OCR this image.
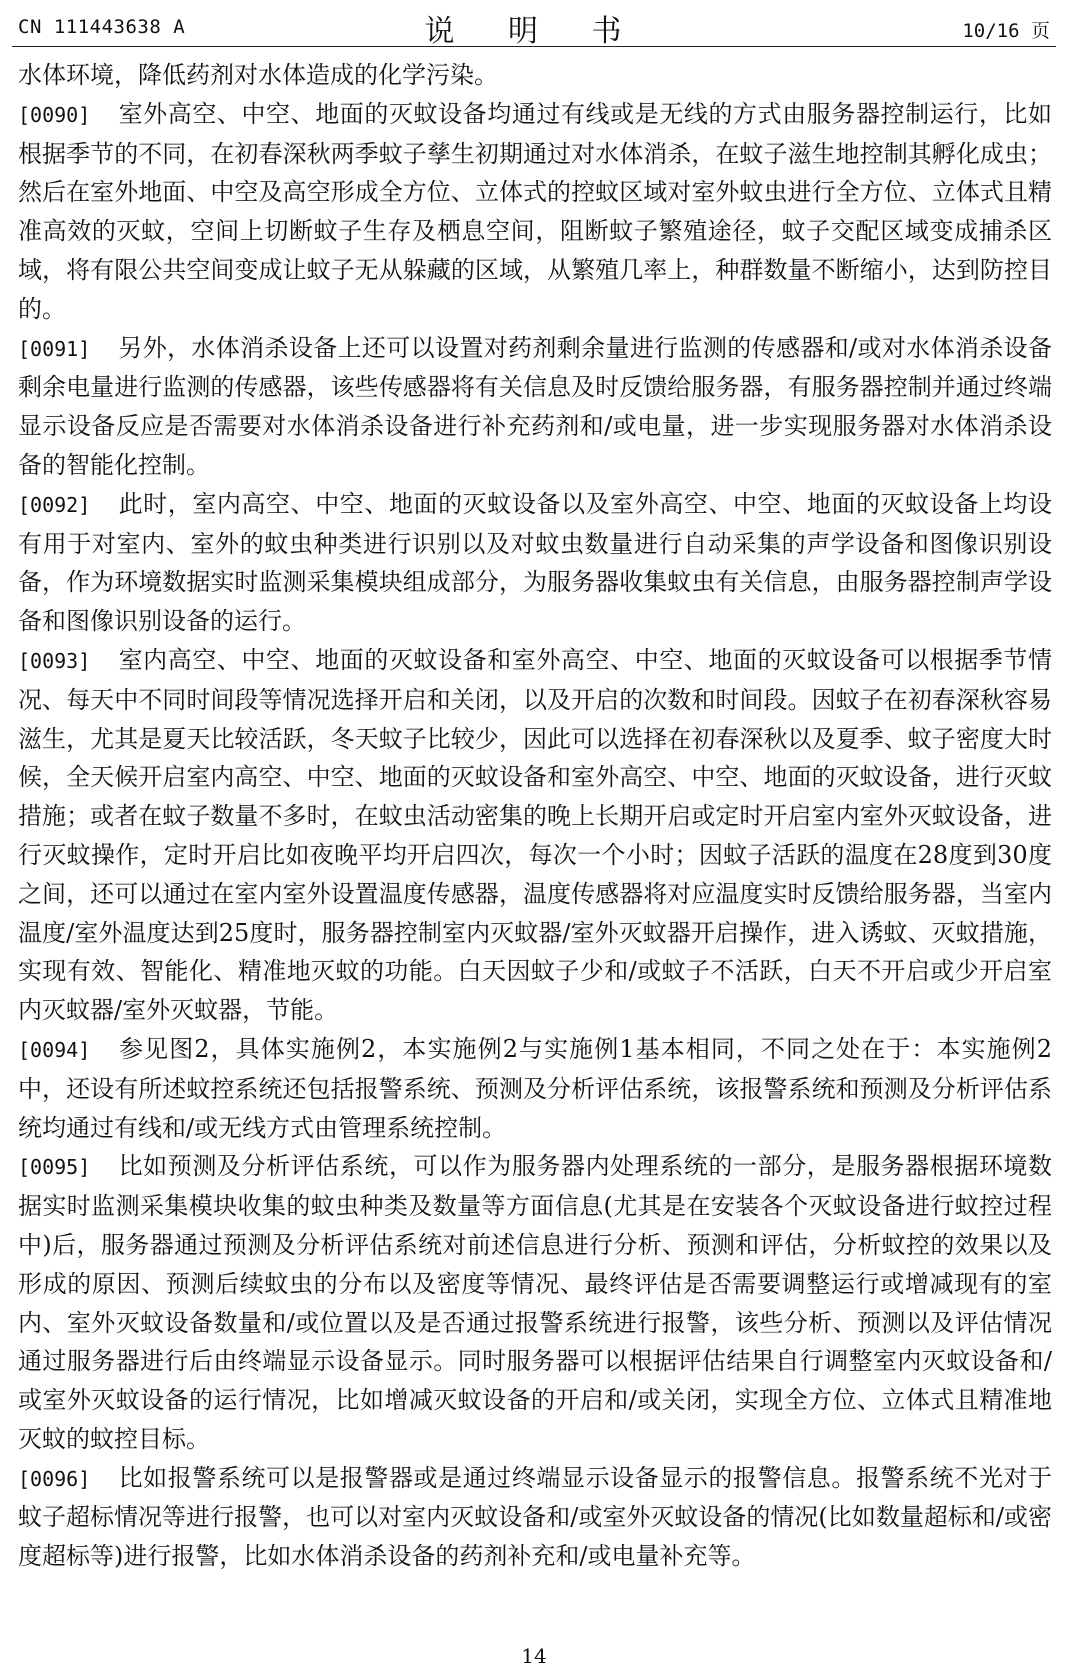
CN 111443638 A	说 明 书	10/16 页

水体环境，降低药剂对水体造成的化学污染。

[0090] 室外高空、中空、地面的灭蚊设备均通过有线或是无线的方式由服务器控制运行，比如根据季节的不同，在初春深秋两季蚊子孳生初期通过对水体消杀，在蚊子滋生地控制其孵化成虫；然后在室外地面、中空及高空形成全方位、立体式的控蚊区域对室外蚊虫进行全方位、立体式且精准高效的灭蚊，空间上切断蚊子生存及栖息空间，阻断蚊子繁殖途径，蚊子交配区域变成捕杀区域，将有限公共空间变成让蚊子无从躲藏的区域，从繁殖几率上，种群数量不断缩小，达到防控目的。

[0091] 另外，水体消杀设备上还可以设置对药剂剩余量进行监测的传感器和/或对水体消杀设备剩余电量进行监测的传感器，该些传感器将有关信息及时反馈给服务器，有服务器控制并通过终端显示设备反应是否需要对水体消杀设备进行补充药剂和/或电量，进一步实现服务器对水体消杀设备的智能化控制。

[0092] 此时，室内高空、中空、地面的灭蚊设备以及室外高空、中空、地面的灭蚊设备上均设有用于对室内、室外的蚊虫种类进行识别以及对蚊虫数量进行自动采集的声学设备和图像识别设备，作为环境数据实时监测采集模块组成部分，为服务器收集蚊虫有关信息，由服务器控制声学设备和图像识别设备的运行。

[0093] 室内高空、中空、地面的灭蚊设备和室外高空、中空、地面的灭蚊设备可以根据季节情况、每天中不同时间段等情况选择开启和关闭，以及开启的次数和时间段。因蚊子在初春深秋容易滋生，尤其是夏天比较活跃，冬天蚊子比较少，因此可以选择在初春深秋以及夏季、蚊子密度大时候，全天候开启室内高空、中空、地面的灭蚊设备和室外高空、中空、地面的灭蚊设备，进行灭蚊措施；或者在蚊子数量不多时，在蚊虫活动密集的晚上长期开启或定时开启室内室外灭蚊设备，进行灭蚊操作，定时开启比如夜晚平均开启四次，每次一个小时；因蚊子活跃的温度在28度到30度之间，还可以通过在室内室外设置温度传感器，温度传感器将对应温度实时反馈给服务器，当室内温度/室外温度达到25度时，服务器控制室内灭蚊器/室外灭蚊器开启操作，进入诱蚊、灭蚊措施，实现有效、智能化、精准地灭蚊的功能。白天因蚊子少和/或蚊子不活跃，白天不开启或少开启室内灭蚊器/室外灭蚊器，节能。

[0094] 参见图2，具体实施例2，本实施例2与实施例1基本相同，不同之处在于：本实施例2中，还设有所述蚊控系统还包括报警系统、预测及分析评估系统，该报警系统和预测及分析评估系统均通过有线和/或无线方式由管理系统控制。

[0095] 比如预测及分析评估系统，可以作为服务器内处理系统的一部分，是服务器根据环境数据实时监测采集模块收集的蚊虫种类及数量等方面信息(尤其是在安装各个灭蚊设备进行蚊控过程中)后，服务器通过预测及分析评估系统对前述信息进行分析、预测和评估，分析蚊控的效果以及形成的原因、预测后续蚊虫的分布以及密度等情况、最终评估是否需要调整运行或增减现有的室内、室外灭蚊设备数量和/或位置以及是否通过报警系统进行报警，该些分析、预测以及评估情况通过服务器进行后由终端显示设备显示。同时服务器可以根据评估结果自行调整室内灭蚊设备和/或室外灭蚊设备的运行情况，比如增减灭蚊设备的开启和/或关闭，实现全方位、立体式且精准地灭蚊的蚊控目标。

[0096] 比如报警系统可以是报警器或是通过终端显示设备显示的报警信息。报警系统不光对于蚊子超标情况等进行报警，也可以对室内灭蚊设备和/或室外灭蚊设备的情况(比如数量超标和/或密度超标等)进行报警，比如水体消杀设备的药剂补充和/或电量补充等。

14
